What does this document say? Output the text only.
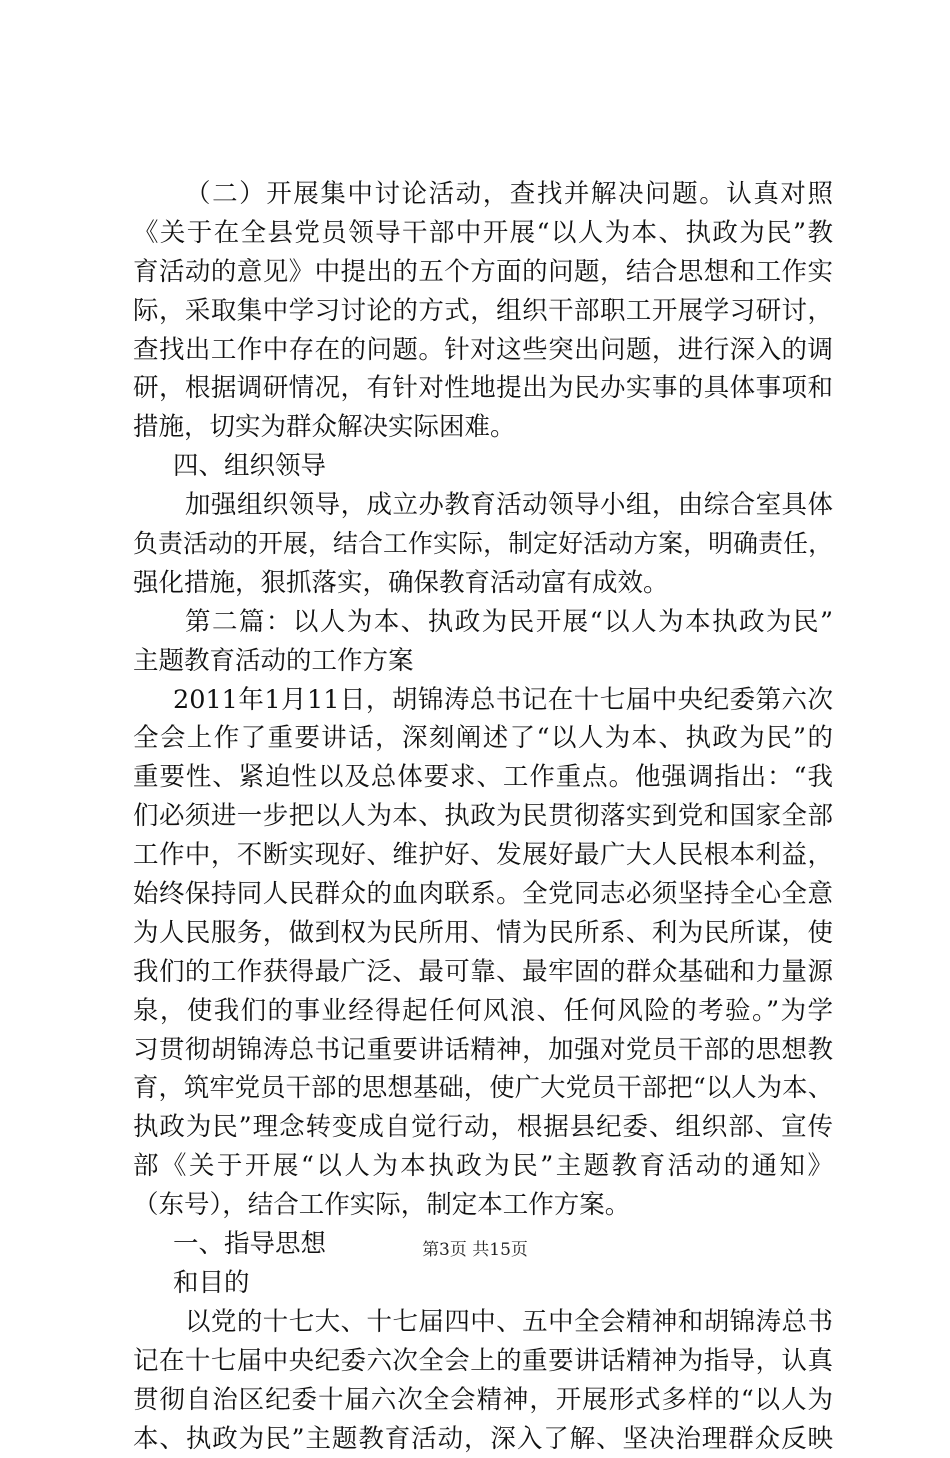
（二）开展集中讨论活动，查找并解决问题。认真对照
《关于在全县党员领导干部中开展“以人为本、执政为民”教
育活动的意见》中提出的五个方面的问题，结合思想和工作实
际，采取集中学习讨论的方式，组织干部职工开展学习研讨，
查找出工作中存在的问题。针对这些突出问题，进行深入的调
研，根据调研情况，有针对性地提出为民办实事的具体事项和
措施，切实为群众解决实际困难。
四、组织领导
加强组织领导，成立办教育活动领导小组，由综合室具体
负责活动的开展，结合工作实际，制定好活动方案，明确责任，
强化措施，狠抓落实，确保教育活动富有成效。
第二篇：以人为本、执政为民开展“以人为本执政为民”
主题教育活动的工作方案
2011年1月11日，胡锦涛总书记在十七届中央纪委第六次
全会上作了重要讲话，深刻阐述了“以人为本、执政为民”的
重要性、紧迫性以及总体要求、工作重点。他强调指出：“我
们必须进一步把以人为本、执政为民贯彻落实到党和国家全部
工作中，不断实现好、维护好、发展好最广大人民根本利益，
始终保持同人民群众的血肉联系。全党同志必须坚持全心全意
为人民服务，做到权为民所用、情为民所系、利为民所谋，使
我们的工作获得最广泛、最可靠、最牢固的群众基础和力量源
泉，使我们的事业经得起任何风浪、任何风险的考验。”为学
习贯彻胡锦涛总书记重要讲话精神，加强对党员干部的思想教
育，筑牢党员干部的思想基础，使广大党员干部把“以人为本、
执政为民”理念转变成自觉行动，根据县纪委、组织部、宣传
部《关于开展“以人为本执政为民”主题教育活动的通知》
（东号），结合工作实际，制定本工作方案。
一、指导思想
和目的
以党的十七大、十七届四中、五中全会精神和胡锦涛总书
记在十七届中央纪委六次全会上的重要讲话精神为指导，认真
贯彻自治区纪委十届六次全会精神，开展形式多样的“以人为
本、执政为民”主题教育活动，深入了解、坚决治理群众反映
第3页 共15页
